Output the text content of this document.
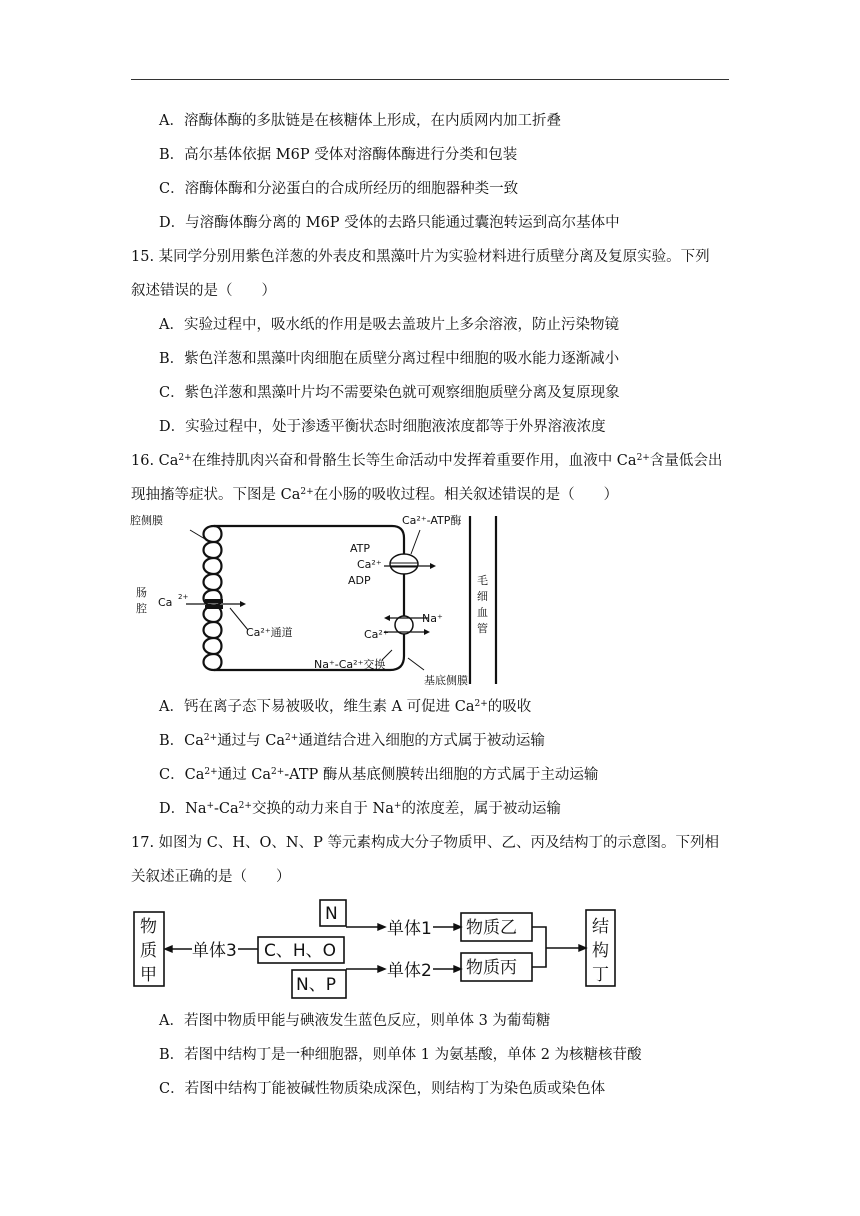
A．溶酶体酶的多肽链是在核糖体上形成，在内质网内加工折叠
B．高尔基体依据 M6P 受体对溶酶体酶进行分类和包装
C．溶酶体酶和分泌蛋白的合成所经历的细胞器种类一致
D．与溶酶体酶分离的 M6P 受体的去路只能通过囊泡转运到高尔基体中
15. 某同学分别用紫色洋葱的外表皮和黑藻叶片为实验材料进行质壁分离及复原实验。下列
叙述错误的是（　　）
A．实验过程中，吸水纸的作用是吸去盖玻片上多余溶液，防止污染物镜
B．紫色洋葱和黑藻叶肉细胞在质壁分离过程中细胞的吸水能力逐渐减小
C．紫色洋葱和黑藻叶片均不需要染色就可观察细胞质壁分离及复原现象
D．实验过程中，处于渗透平衡状态时细胞液浓度都等于外界溶液浓度
16. $Ca^{2+}$在维持肌肉兴奋和骨骼生长等生命活动中发挥着重要作用，血液中 $Ca^{2+}$含量低会出
现抽搐等症状。下图是 $Ca^{2+}$在小肠的吸收过程。相关叙述错误的是（　　）
腔侧膜
肠
腔 Ca 2+
Ca²⁺通道
Ca²⁺-ATP酶
ATP
Ca²⁺
ADP
Na⁺
Ca²⁺
Na⁺-Ca²⁺交换
基底侧膜
毛
细
血
管
A．钙在离子态下易被吸收，维生素 A 可促进 $Ca^{2+}$的吸收
B．$Ca^{2+}$通过与 $Ca^{2+}$通道结合进入细胞的方式属于被动运输
C．$Ca^{2+}$通过 $Ca^{2+}$-ATP 酶从基底侧膜转出细胞的方式属于主动运输
D．$Na^+-Ca^{2+}$交换的动力来自于 Na+的浓度差，属于被动运输
17. 如图为 C、H、O、N、P 等元素构成大分子物质甲、乙、丙及结构丁的示意图。下列相
关叙述正确的是（　　）
物
质
甲
单体3 C、H、O
N
N、P
单体1
单体2
物质乙
物质丙
结
构
丁
A．若图中物质甲能与碘液发生蓝色反应，则单体 3 为葡萄糖
B．若图中结构丁是一种细胞器，则单体 1 为氨基酸，单体 2 为核糖核苷酸
C．若图中结构丁能被碱性物质染成深色，则结构丁为染色质或染色体
